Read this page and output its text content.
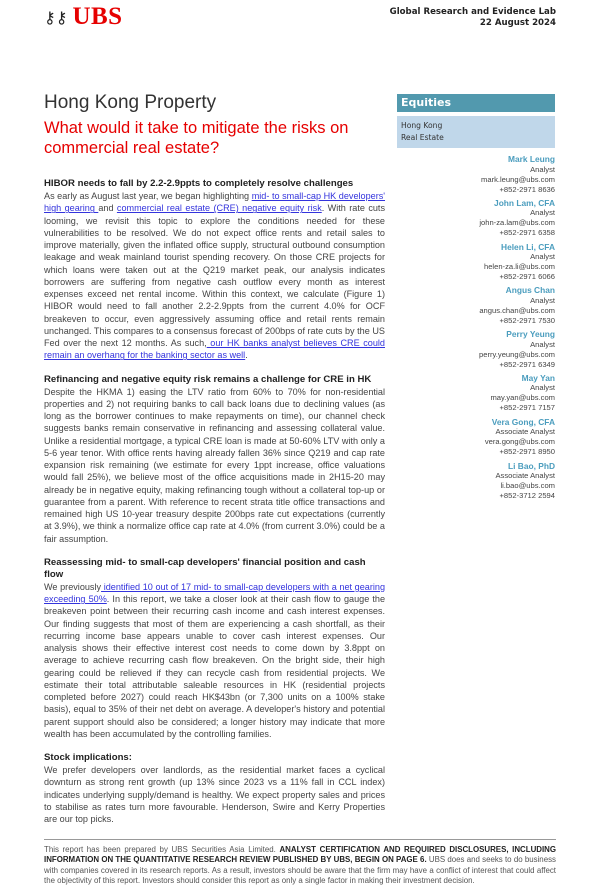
⚷⚷ UBS	Global Research and Evidence Lab
22 August 2024
Hong Kong Property
What would it take to mitigate the risks on commercial real estate?
Equities
Hong Kong
Real Estate
Mark Leung
Analyst
mark.leung@ubs.com
+852-2971 8636
John Lam, CFA
Analyst
john-za.lam@ubs.com
+852-2971 6358
Helen Li, CFA
Analyst
helen-za.li@ubs.com
+852-2971 6066
Angus Chan
Analyst
angus.chan@ubs.com
+852-2971 7530
Perry Yeung
Analyst
perry.yeung@ubs.com
+852-2971 6349
May Yan
Analyst
may.yan@ubs.com
+852-2971 7157
Vera Gong, CFA
Associate Analyst
vera.gong@ubs.com
+852-2971 8950
Li Bao, PhD
Associate Analyst
li.bao@ubs.com
+852-3712 2594
HIBOR needs to fall by 2.2-2.9ppts to completely resolve challenges

As early as August last year, we began highlighting mid- to small-cap HK developers' high gearing and commercial real estate (CRE) negative equity risk. With rate cuts looming, we revisit this topic to explore the conditions needed for these vulnerabilities to be resolved. We do not expect office rents and retail sales to improve materially, given the inflated office supply, structural outbound consumption leakage and weak mainland tourist spending recovery. On those CRE projects for which loans were taken out at the Q219 market peak, our analysis indicates borrowers are suffering from negative cash outflow every month as interest expenses exceed net rental income. Within this context, we calculate (Figure 1) HIBOR would need to fall another 2.2-2.9ppts from the current 4.0% for OCF breakeven to occur, even aggressively assuming office and retail rents remain unchanged. This compares to a consensus forecast of 200bps of rate cuts by the US Fed over the next 12 months. As such, our HK banks analyst believes CRE could remain an overhang for the banking sector as well.

Refinancing and negative equity risk remains a challenge for CRE in HK

Despite the HKMA 1) easing the LTV ratio from 60% to 70% for non-residential properties and 2) not requiring banks to call back loans due to declining values (as long as the borrower continues to make repayments on time), our channel check suggests banks remain conservative in refinancing and assessing collateral value. Unlike a residential mortgage, a typical CRE loan is made at 50-60% LTV with only a 5-6 year tenor. With office rents having already fallen 36% since Q219 and cap rate expansion risk remaining (we estimate for every 1ppt increase, office valuations would fall 25%), we believe most of the office acquisitions made in 2H15-20 may already be in negative equity, making refinancing tough without a collateral top-up or guarantee from a parent. With reference to recent strata title office transactions and remained high US 10-year treasury despite 200bps rate cut expectations (currently at 3.9%), we think a normalize office cap rate at 4.0% (from current 3.0%) could be a fair assumption.

Reassessing mid- to small-cap developers' financial position and cash flow

We previously identified 10 out of 17 mid- to small-cap developers with a net gearing exceeding 50%. In this report, we take a closer look at their cash flow to gauge the breakeven point between their recurring cash income and cash interest expenses. Our finding suggests that most of them are experiencing a cash shortfall, as their recurring income base appears unable to cover cash interest expenses. Our analysis shows their effective interest cost needs to come down by 3.8ppt on average to achieve recurring cash flow breakeven. On the bright side, their high gearing could be relieved if they can recycle cash from residential projects. We estimate their total attributable saleable resources in HK (residential projects completed before 2027) could reach HK$43bn (or 7,300 units on a 100% stake basis), equal to 35% of their net debt on average. A developer's history and potential parent support should also be considered; a longer history may indicate that more wealth has been accumulated by the controlling families.

Stock implications:

We prefer developers over landlords, as the residential market faces a cyclical downturn as strong rent growth (up 13% since 2023 vs a 11% fall in CCL index) indicates underlying supply/demand is healthy. We expect property sales and prices to stabilise as rates turn more favourable. Henderson, Swire and Kerry Properties are our top picks.

This report has been prepared by UBS Securities Asia Limited. ANALYST CERTIFICATION AND REQUIRED DISCLOSURES, INCLUDING INFORMATION ON THE QUANTITATIVE RESEARCH REVIEW PUBLISHED BY UBS, BEGIN ON PAGE 6. UBS does and seeks to do business with companies covered in its research reports. As a result, investors should be aware that the firm may have a conflict of interest that could affect the objectivity of this report. Investors should consider this report as only a single factor in making their investment decision.
